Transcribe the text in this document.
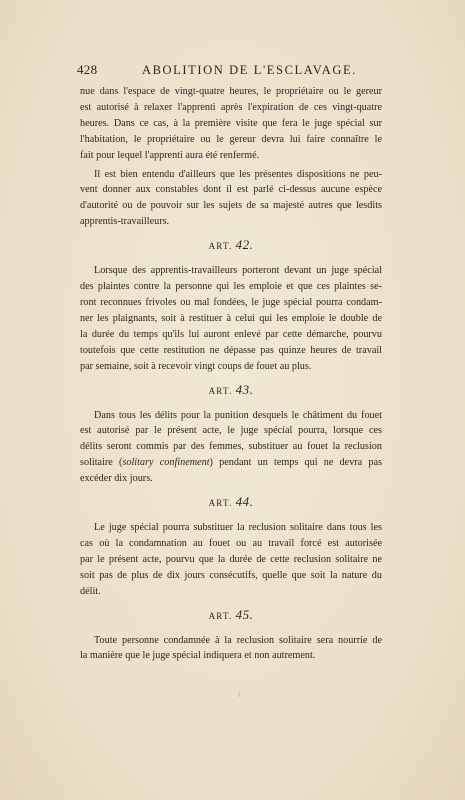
428	ABOLITION DE L'ESCLAVAGE.

nue dans l'espace de vingt-quatre heures, le propriétaire ou le gereur
est autorisé à relaxer l'apprenti après l'expiration de ces vingt-quatre
heures. Dans ce cas, à la première visite que fera le juge spécial sur
l'habitation, le propriétaire ou le gereur devra lui faire connaître le
fait pour lequel l'apprenti aura été renfermé.

Il est bien entendu d'ailleurs que les présentes dispositions ne peu-
vent donner aux constables dont il est parlé ci-dessus aucune espèce
d'autorité ou de pouvoir sur les sujets de sa majesté autres que lesdits
apprentis-travailleurs.

ART. 42.

Lorsque des apprentis-travailleurs porteront devant un juge spécial
des plaintes contre la personne qui les emploie et que ces plaintes se-
ront reconnues frivoles ou mal fondées, le juge spécial pourra condam-
ner les plaignants, soit à restituer à celui qui les emploie le double de
la durée du temps qu'ils lui auront enlevé par cette démarche, pourvu
toutefois que cette restitution ne dépasse pas quinze heures de travail
par semaine, soit à recevoir vingt coups de fouet au plus.

ART. 43.

Dans tous les délits pour la punition desquels le châtiment du fouet
est autorisé par le présent acte, le juge spécial pourra, lorsque ces
délits seront commis par des femmes, substituer au fouet la reclusion
solitaire (solitary confinement) pendant un temps qui ne devra pas
excéder dix jours.

ART. 44.

Le juge spécial pourra substituer la reclusion solitaire dans tous les
cas où la condamnation au fouet ou au travail forcé est autorisée
par le présent acte, pourvu que la durée de cette reclusion solitaire ne
soit pas de plus de dix jours consécutifs, quelle que soit la nature du
délit.

ART. 45.

Toute personne condamnée à la reclusion solitaire sera nourrie de
la manière que le juge spécial indiquera et non autrement.

/
